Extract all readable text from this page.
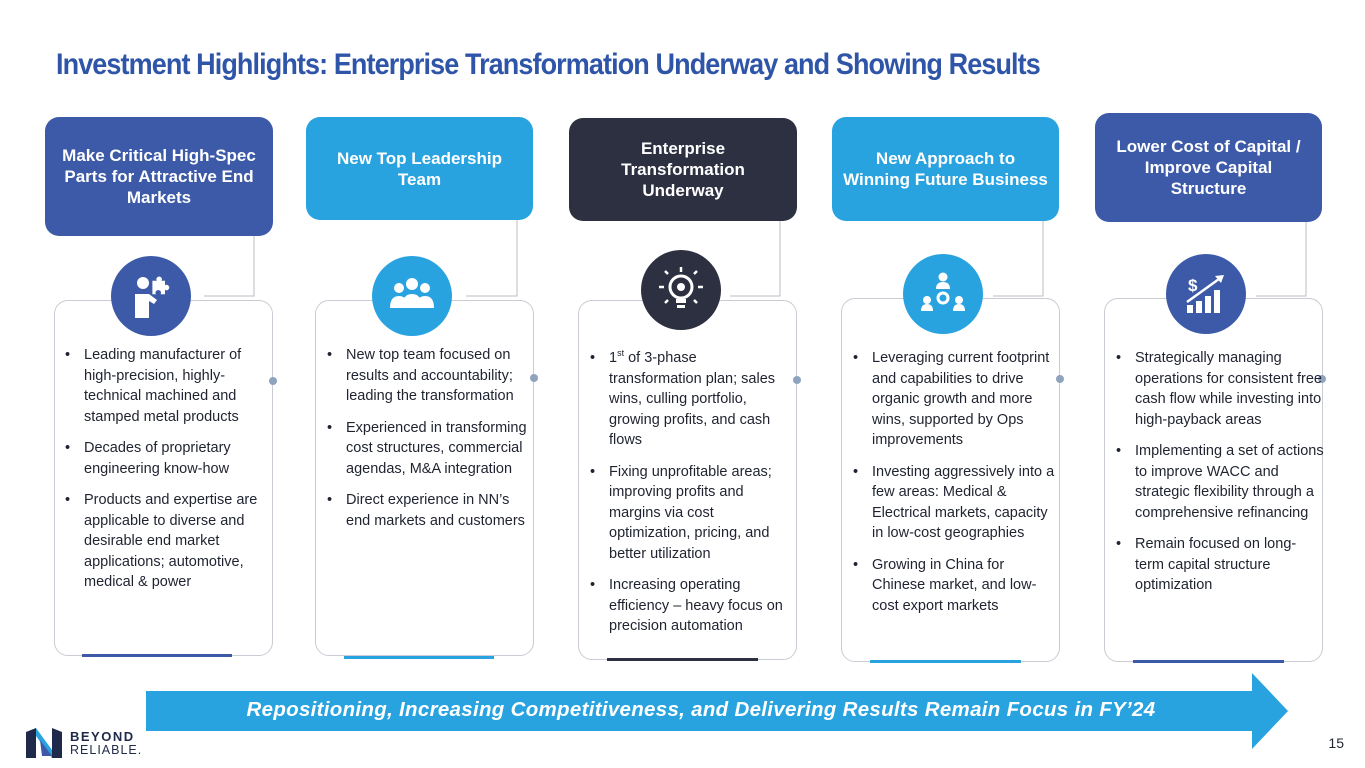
Investment Highlights: Enterprise Transformation Underway and Showing Results
Make Critical High-Spec Parts for Attractive End Markets
• Leading manufacturer of high-precision, highly-technical machined and stamped metal products
• Decades of proprietary engineering know-how
• Products and expertise are applicable to diverse and desirable end market applications; automotive, medical & power
New Top Leadership Team
• New top team focused on results and accountability; leading the transformation
• Experienced in transforming cost structures, commercial agendas, M&A integration
• Direct experience in NN’s end markets and customers
Enterprise Transformation Underway
• 1st of 3-phase transformation plan; sales wins, culling portfolio, growing profits, and cash flows
• Fixing unprofitable areas; improving profits and margins via cost optimization, pricing, and better utilization
• Increasing operating efficiency – heavy focus on precision automation
New Approach to Winning Future Business
• Leveraging current footprint and capabilities to drive organic growth and more wins, supported by Ops improvements
• Investing aggressively into a few areas: Medical & Electrical markets, capacity in low-cost geographies
• Growing in China for Chinese market, and low-cost export markets
Lower Cost of Capital / Improve Capital Structure
$
• Strategically managing operations for consistent free cash flow while investing into high-payback areas
• Implementing a set of actions to improve WACC and strategic flexibility through a comprehensive refinancing
• Remain focused on long-term capital structure optimization
Repositioning, Increasing Competitiveness, and Delivering Results Remain Focus in FY’24
BEYOND
RELIABLE.	15
